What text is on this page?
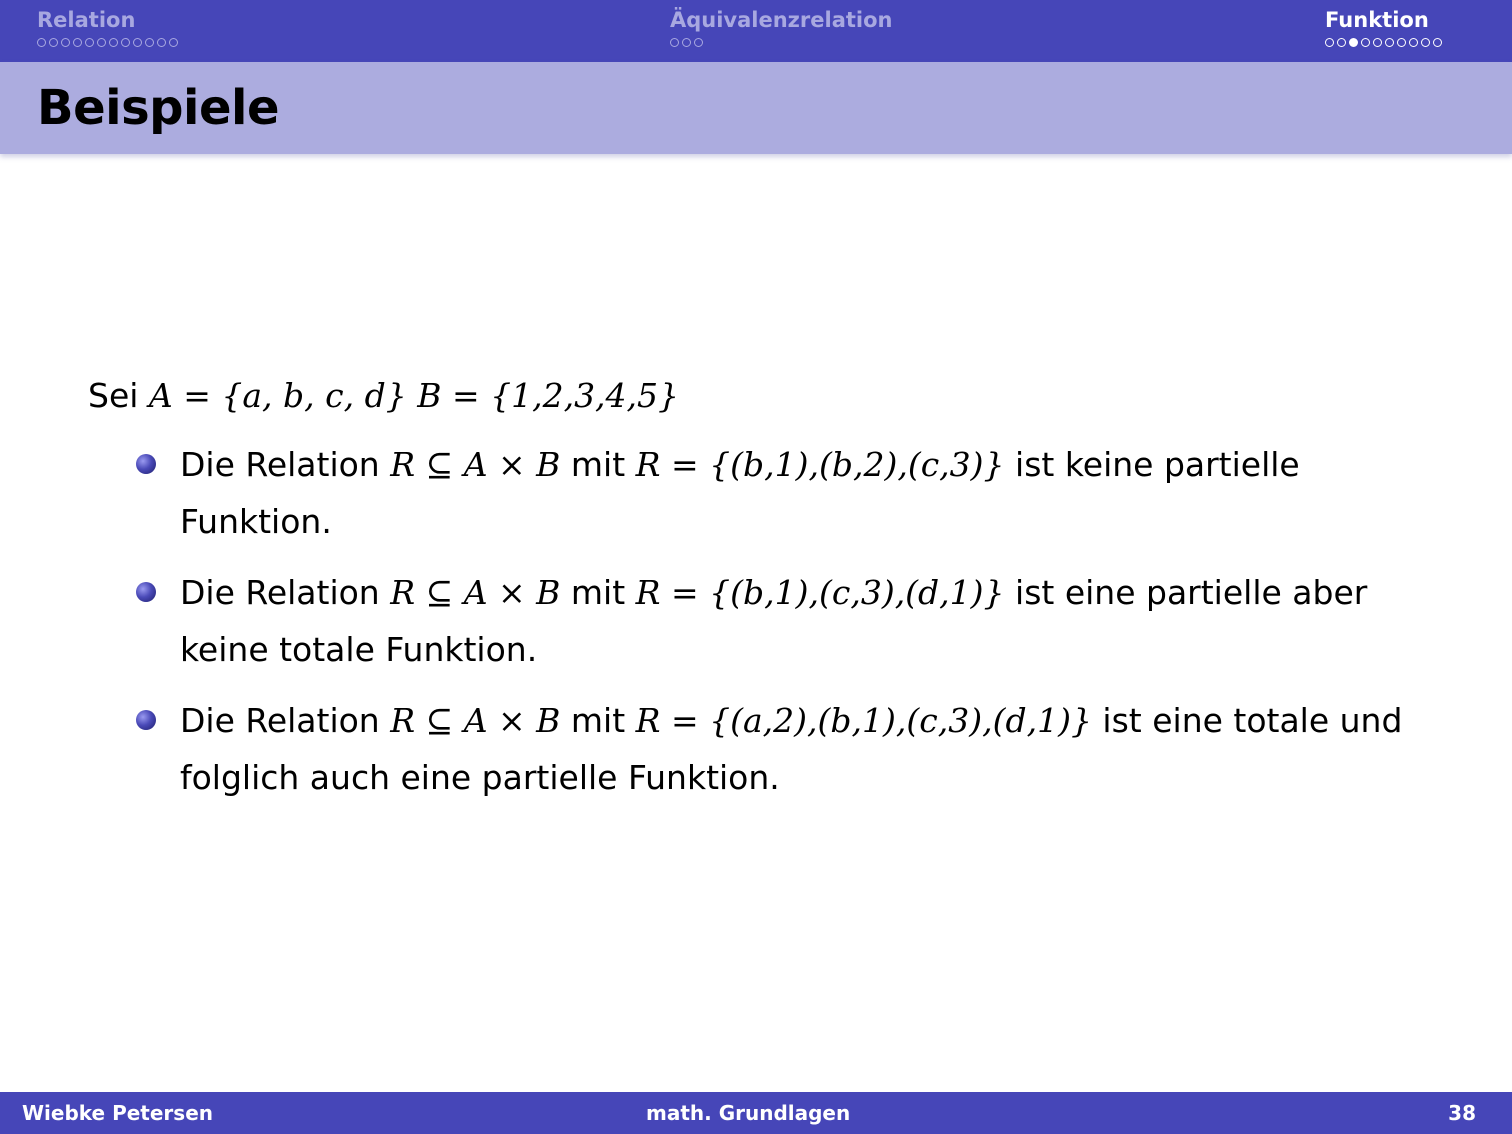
Relation	Äquivalenzrelation	Funktion
Beispiele

Sei A = {a, b, c, d} B = {1,2,3,4,5}

Die Relation R ⊆ A × B mit R = {(b,1),(b,2),(c,3)} ist keine partielle Funktion.
Die Relation R ⊆ A × B mit R = {(b,1),(c,3),(d,1)} ist eine partielle aber keine totale Funktion.
Die Relation R ⊆ A × B mit R = {(a,2),(b,1),(c,3),(d,1)} ist eine totale und folglich auch eine partielle Funktion.
Wiebke Petersen	math. Grundlagen	38
